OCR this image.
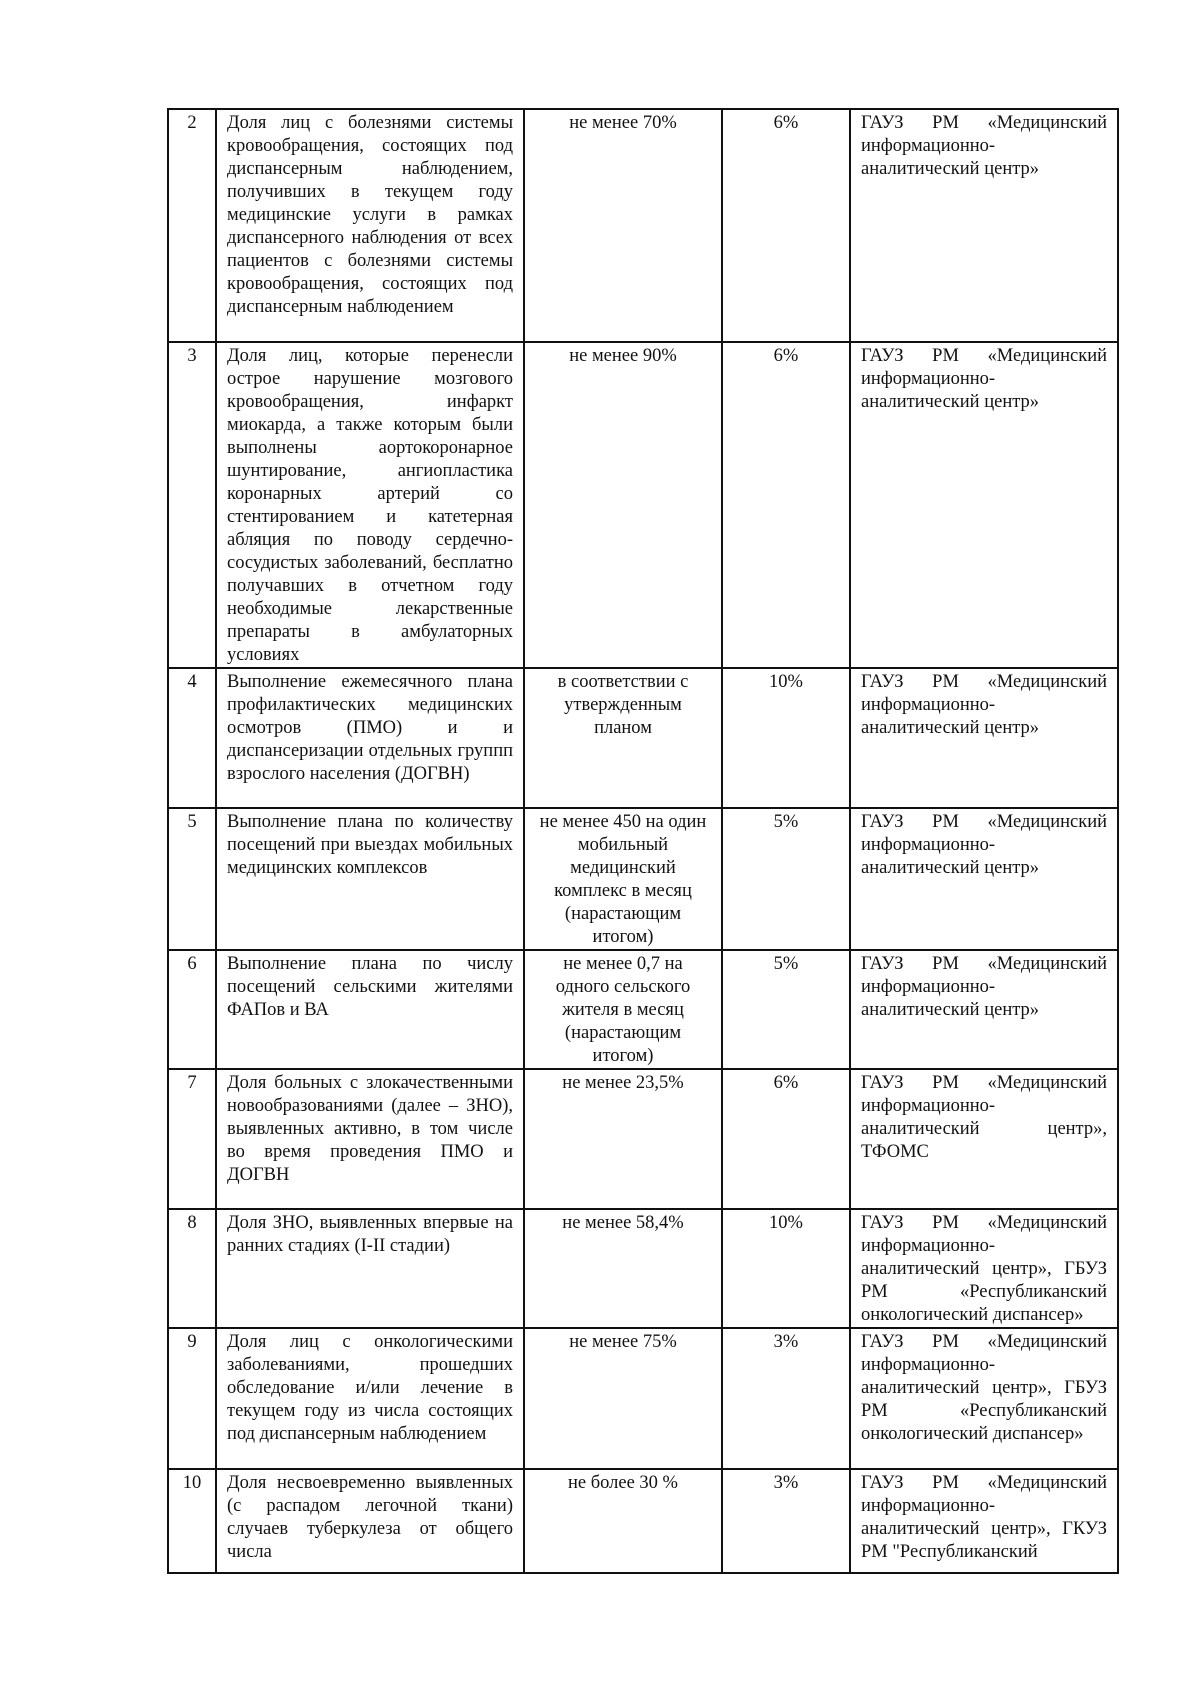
2	Доля лиц с болезнями системы кровообращения, состоящих под диспансерным наблюдением, получивших в текущем году медицинские услуги в рамках диспансерного наблюдения от всех пациентов с болезнями системы кровообращения, состоящих под диспансерным наблюдением	не менее 70%	6%	ГАУЗ РМ «Медицинский информационно-аналитический центр»
3	Доля лиц, которые перенесли острое нарушение мозгового кровообращения, инфаркт миокарда, а также которым были выполнены аортокоронарное шунтирование, ангиопластика коронарных артерий со стентированием и катетерная абляция по поводу сердечно-сосудистых заболеваний, бесплатно получавших в отчетном году необходимые лекарственные препараты в амбулаторных условиях	не менее 90%	6%	ГАУЗ РМ «Медицинский информационно-аналитический центр»
4	Выполнение ежемесячного плана профилактических медицинских осмотров (ПМО) и и диспансеризации отдельных группп взрослого населения (ДОГВН)	в соответствии с утвержденным планом	10%	ГАУЗ РМ «Медицинский информационно-аналитический центр»
5	Выполнение плана по количеству посещений при выездах мобильных медицинских комплексов	не менее 450 на один мобильный медицинский комплекс в месяц (нарастающим итогом)	5%	ГАУЗ РМ «Медицинский информационно-аналитический центр»
6	Выполнение плана по числу посещений сельскими жителями ФАПов и ВА	не менее 0,7 на одного сельского жителя в месяц (нарастающим итогом)	5%	ГАУЗ РМ «Медицинский информационно-аналитический центр»
7	Доля больных с злокачественными новообразованиями (далее – ЗНО), выявленных активно, в том числе во время проведения ПМО и ДОГВН	не менее 23,5%	6%	ГАУЗ РМ «Медицинский информационно-аналитический центр», ТФОМС
8	Доля ЗНО, выявленных впервые на ранних стадиях (I-II стадии)	не менее 58,4%	10%	ГАУЗ РМ «Медицинский информационно-аналитический центр», ГБУЗ РМ «Республиканский онкологический диспансер»
9	Доля лиц с онкологическими заболеваниями, прошедших обследование и/или лечение в текущем году из числа состоящих под диспансерным наблюдением	не менее 75%	3%	ГАУЗ РМ «Медицинский информационно-аналитический центр», ГБУЗ РМ «Республиканский онкологический диспансер»
10	Доля несвоевременно выявленных (с распадом легочной ткани) случаев туберкулеза от общего числа	не более 30 %	3%	ГАУЗ РМ «Медицинский информационно-аналитический центр», ГКУЗ РМ "Республиканский
